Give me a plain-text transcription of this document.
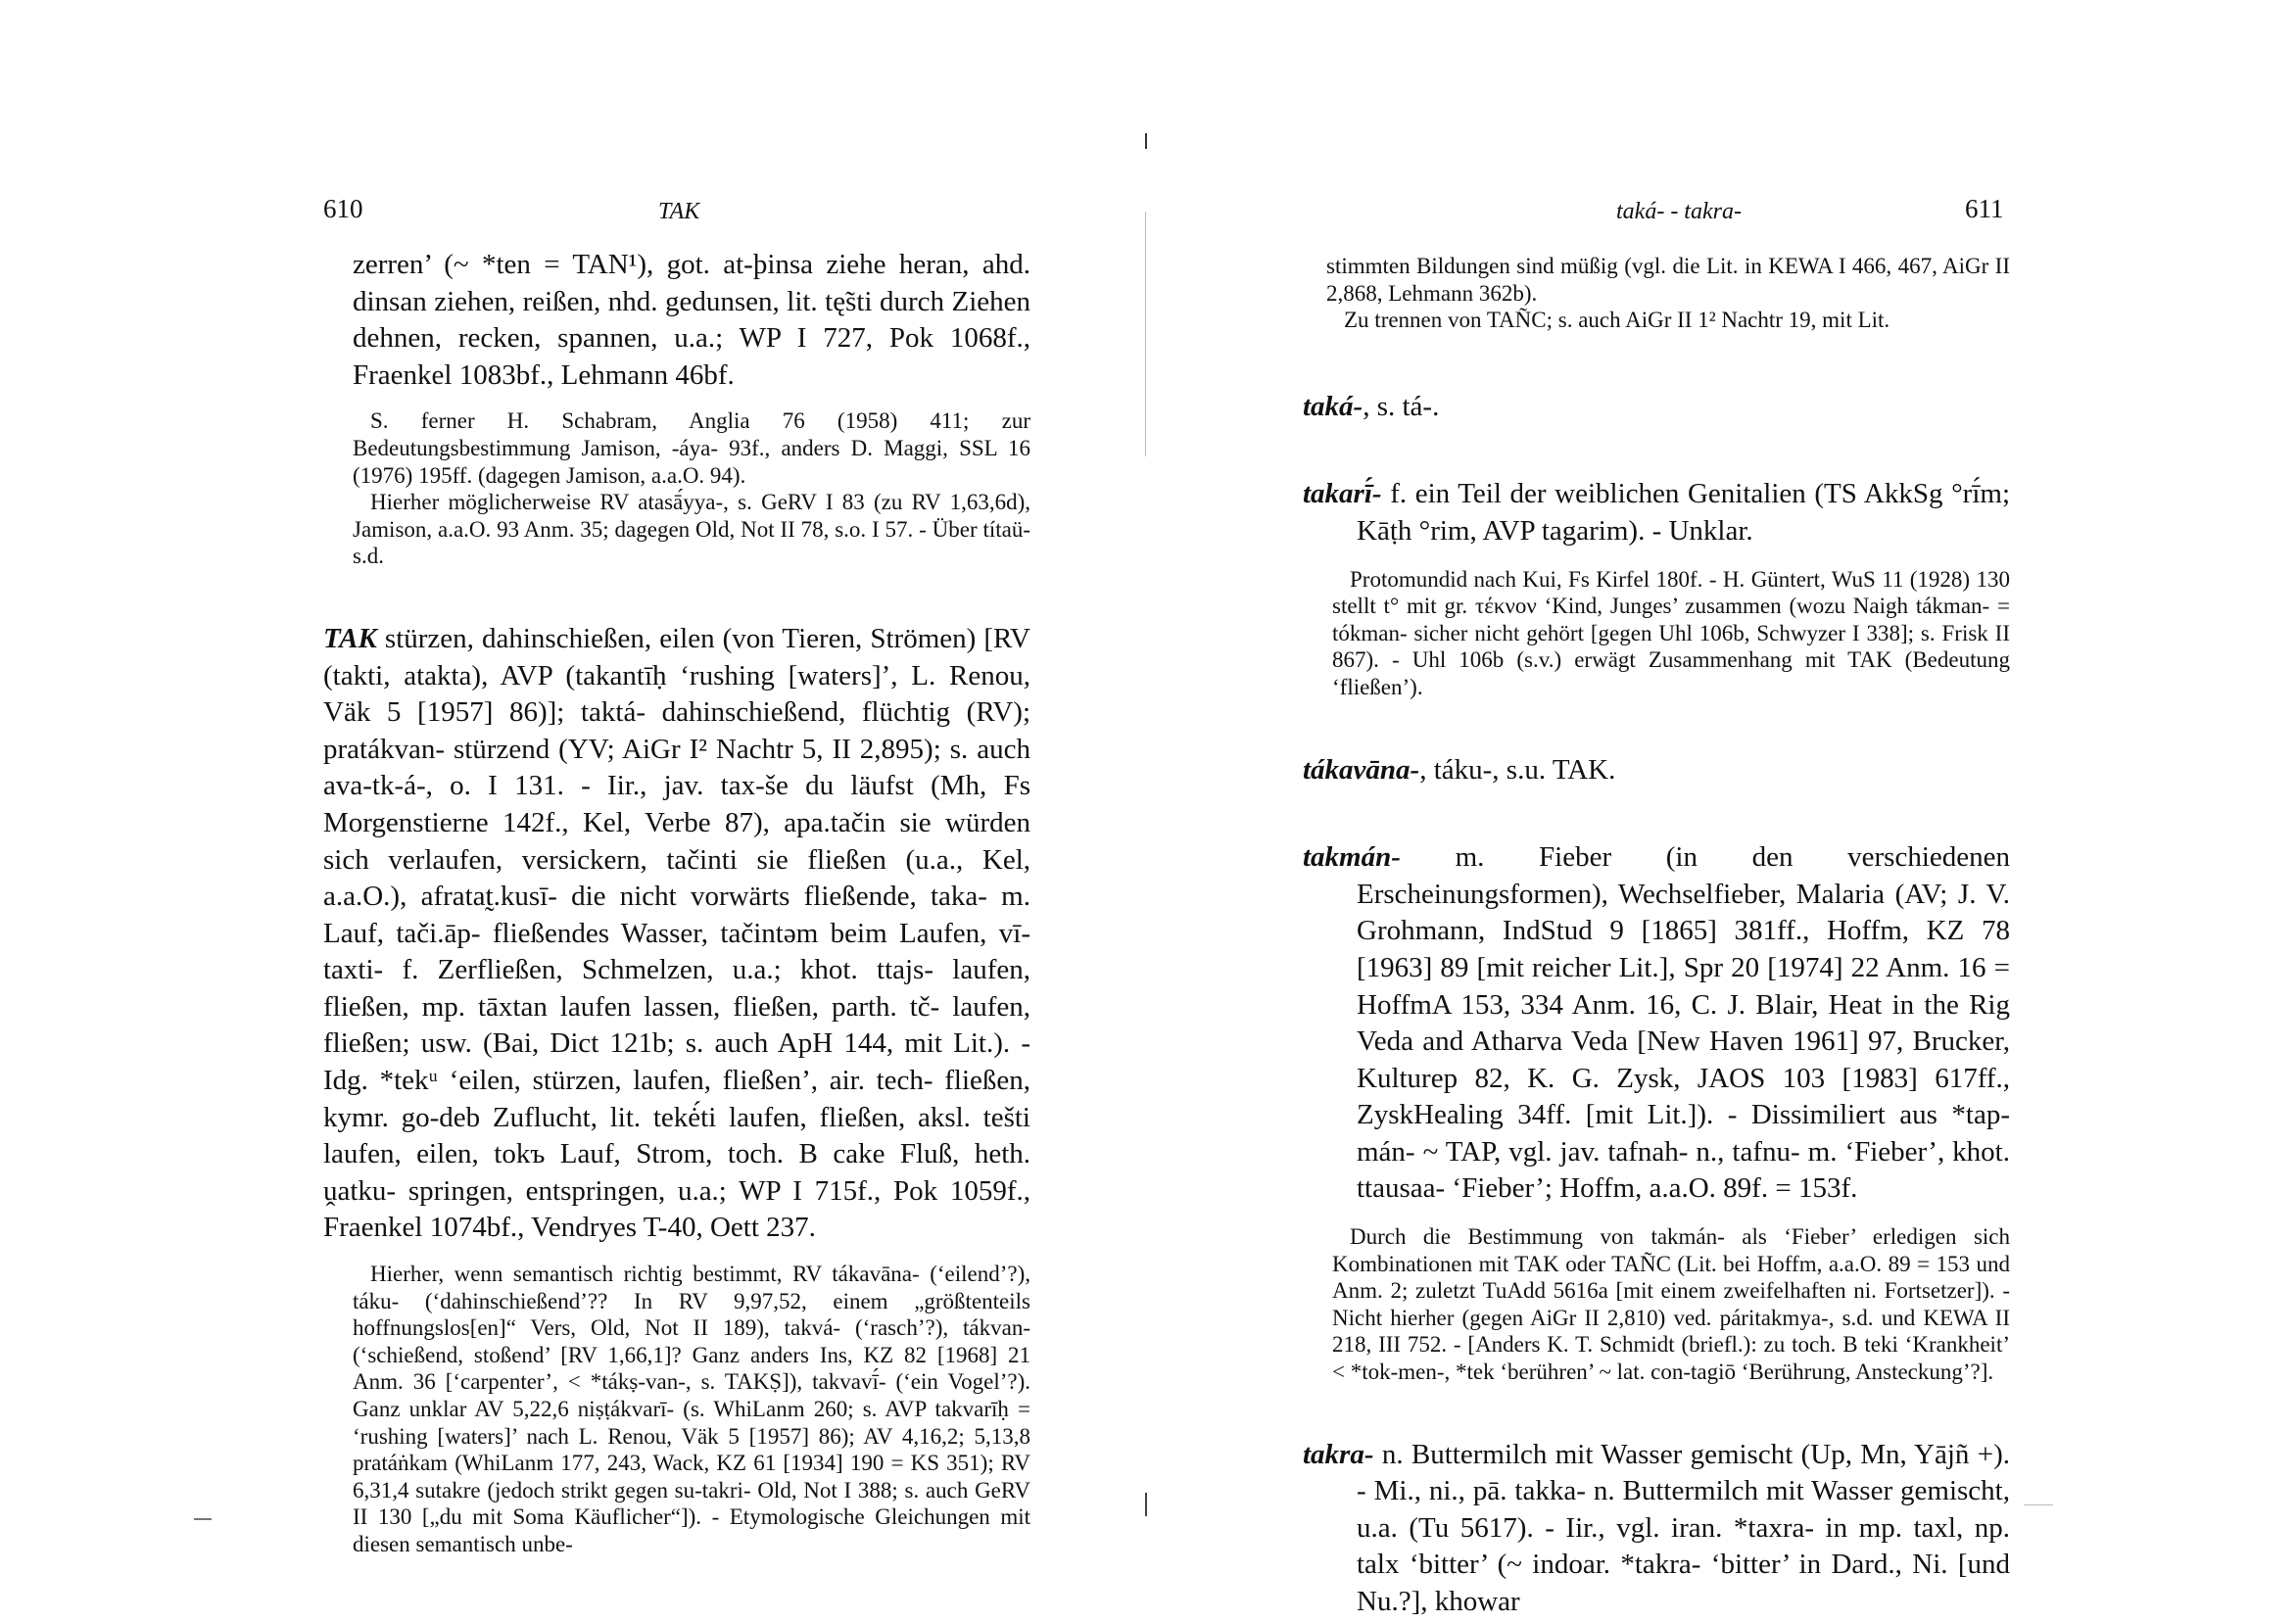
610	TAK

zerren’ (~ *ten = TAN¹), got. at-þinsa ziehe heran, ahd. dinsan ziehen, reißen, nhd. gedunsen, lit. tę̃sti durch Ziehen dehnen, recken, spannen, u.a.; WP I 727, Pok 1068f., Fraenkel 1083bf., Lehmann 46bf.

S. ferner H. Schabram, Anglia 76 (1958) 411; zur Bedeutungsbestimmung Jamison, -áya- 93f., anders D. Maggi, SSL 16 (1976) 195ff. (dagegen Jamison, a.a.O. 94).

Hierher möglicherweise RV atasā́yya-, s. GeRV I 83 (zu RV 1,63,6d), Jamison, a.a.O. 93 Anm. 35; dagegen Old, Not II 78, s.o. I 57. - Über títaü- s.d.

TAK stürzen, dahinschießen, eilen (von Tieren, Strömen) [RV (takti, atakta), AVP (takantīḥ ‘rushing [waters]’, L. Renou, Väk 5 [1957] 86)]; taktá- dahinschießend, flüchtig (RV); pratákvan- stürzend (YV; AiGr I² Nachtr 5, II 2,895); s. auch ava-tk-á-, o. I 131. - Iir., jav. tax-še du läufst (Mh, Fs Morgenstierne 142f., Kel, Verbe 87), apa.tačin sie würden sich verlaufen, versickern, tačinti sie fließen (u.a., Kel, a.a.O.), afratat̰.kusī- die nicht vorwärts fließende, taka- m. Lauf, tači.āp- fließendes Wasser, tačintəm beim Laufen, vī-taxti- f. Zerfließen, Schmelzen, u.a.; khot. ttajs- laufen, fließen, mp. tāxtan laufen lassen, fließen, parth. tč- laufen, fließen; usw. (Bai, Dict 121b; s. auch ApH 144, mit Lit.). - Idg. *tekᵘ ‘eilen, stürzen, laufen, fließen’, air. tech- fließen, kymr. go-deb Zuflucht, lit. tekė́ti laufen, fließen, aksl. tešti laufen, eilen, tokъ Lauf, Strom, toch. B cake Fluß, heth. ṷatku- springen, entspringen, u.a.; WP I 715f., Pok 1059f., Fraenkel 1074bf., Vendryes T-40, Oett 237.

Hierher, wenn semantisch richtig bestimmt, RV tákavāna- (‘eilend’?), táku- (‘dahinschießend’?? In RV 9,97,52, einem „größtenteils hoffnungslos[en]“ Vers, Old, Not II 189), takvá- (‘rasch’?), tákvan- (‘schießend, stoßend’ [RV 1,66,1]? Ganz anders Ins, KZ 82 [1968] 21 Anm. 36 [‘carpenter’, < *tákṣ-van-, s. TAKṢ]), takvavī́- (‘ein Vogel’?). Ganz unklar AV 5,22,6 niṣṭákvarī- (s. WhiLanm 260; s. AVP takvarīḥ = ‘rushing [waters]’ nach L. Renou, Väk 5 [1957] 86); AV 4,16,2; 5,13,8 pratáṅkam (WhiLanm 177, 243, Wack, KZ 61 [1934] 190 = KS 351); RV 6,31,4 sutakre (jedoch strikt gegen su-takri- Old, Not I 388; s. auch GeRV II 130 [„du mit Soma Käuflicher“]). - Etymologische Gleichungen mit diesen semantisch unbe-

taká- - takra-	611

stimmten Bildungen sind müßig (vgl. die Lit. in KEWA I 466, 467, AiGr II 2,868, Lehmann 362b).

Zu trennen von TAÑC; s. auch AiGr II 1² Nachtr 19, mit Lit.

taká-, s. tá-.

takarī́- f. ein Teil der weiblichen Genitalien (TS AkkSg °rī́m; Kāṭh °rim, AVP tagarim). - Unklar.

Protomundid nach Kui, Fs Kirfel 180f. - H. Güntert, WuS 11 (1928) 130 stellt t° mit gr. τέκνον ‘Kind, Junges’ zusammen (wozu Naigh tákman- = tókman- sicher nicht gehört [gegen Uhl 106b, Schwyzer I 338]; s. Frisk II 867). - Uhl 106b (s.v.) erwägt Zusammenhang mit TAK (Bedeutung ‘fließen’).

tákavāna-, táku-, s.u. TAK.

takmán- m. Fieber (in den verschiedenen Erscheinungsformen), Wechselfieber, Malaria (AV; J. V. Grohmann, IndStud 9 [1865] 381ff., Hoffm, KZ 78 [1963] 89 [mit reicher Lit.], Spr 20 [1974] 22 Anm. 16 = HoffmA 153, 334 Anm. 16, C. J. Blair, Heat in the Rig Veda and Atharva Veda [New Haven 1961] 97, Brucker, Kulturep 82, K. G. Zysk, JAOS 103 [1983] 617ff., ZyskHealing 34ff. [mit Lit.]). - Dissimiliert aus *tap-mán- ~ TAP, vgl. jav. tafnah- n., tafnu- m. ‘Fieber’, khot. ttausaa- ‘Fieber’; Hoffm, a.a.O. 89f. = 153f.

Durch die Bestimmung von takmán- als ‘Fieber’ erledigen sich Kombinationen mit TAK oder TAÑC (Lit. bei Hoffm, a.a.O. 89 = 153 und Anm. 2; zuletzt TuAdd 5616a [mit einem zweifelhaften ni. Fortsetzer]). - Nicht hierher (gegen AiGr II 2,810) ved. páritakmya-, s.d. und KEWA II 218, III 752. - [Anders K. T. Schmidt (briefl.): zu toch. B teki ‘Krankheit’ < *tok-men-, *tek ‘berühren’ ~ lat. con-tagiō ‘Berührung, Ansteckung’?].

takra- n. Buttermilch mit Wasser gemischt (Up, Mn, Yājñ +). - Mi., ni., pā. takka- n. Buttermilch mit Wasser gemischt, u.a. (Tu 5617). - Iir., vgl. iran. *taxra- in mp. taxl, np. talx ‘bitter’ (~ indoar. *takra- ‘bitter’ in Dard., Ni. [und Nu.?], khowar
